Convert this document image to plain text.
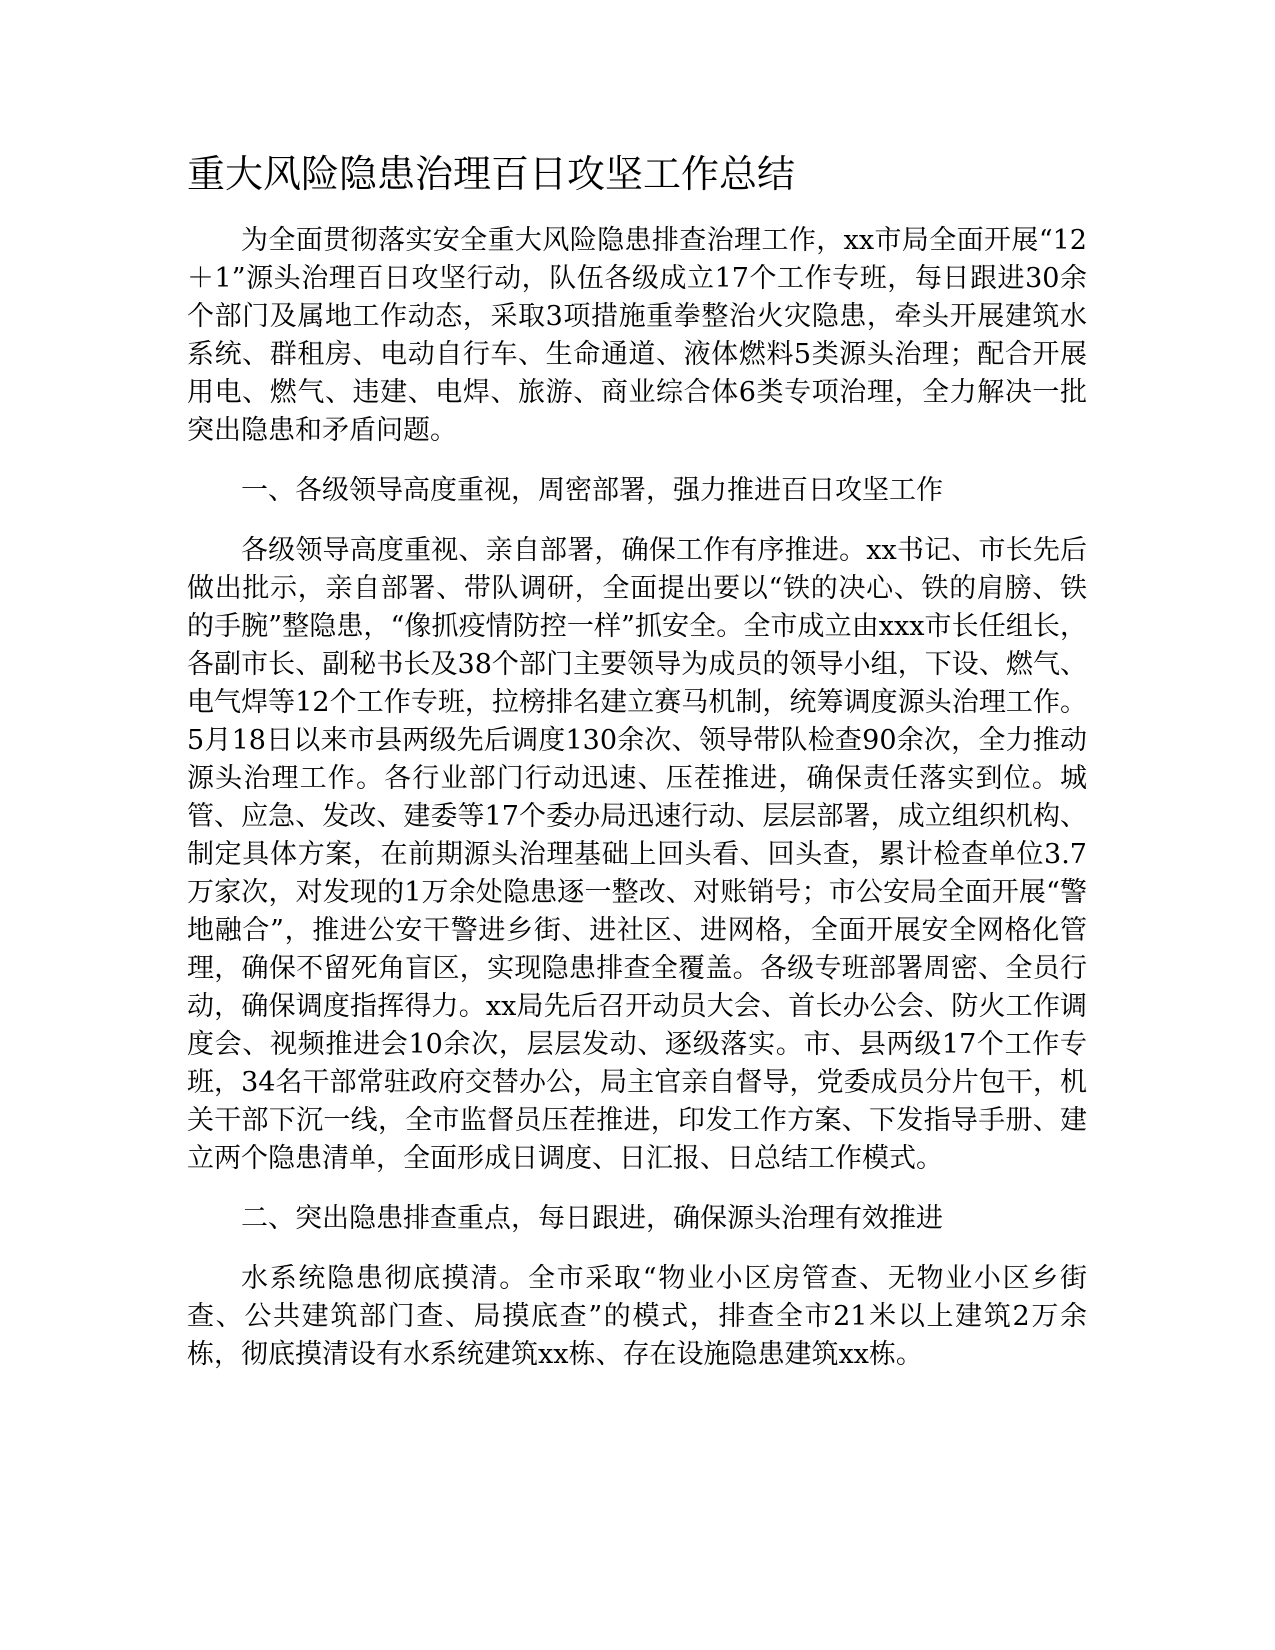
重大风险隐患治理百日攻坚工作总结

为全面贯彻落实安全重大风险隐患排查治理工作，xx市局全面开展“12＋1”源头治理百日攻坚行动，队伍各级成立17个工作专班，每日跟进30余个部门及属地工作动态，采取3项措施重拳整治火灾隐患，牵头开展建筑水系统、群租房、电动自行车、生命通道、液体燃料5类源头治理；配合开展用电、燃气、违建、电焊、旅游、商业综合体6类专项治理，全力解决一批突出隐患和矛盾问题。

一、各级领导高度重视，周密部署，强力推进百日攻坚工作

各级领导高度重视、亲自部署，确保工作有序推进。xx书记、市长先后做出批示，亲自部署、带队调研，全面提出要以“铁的决心、铁的肩膀、铁的手腕”整隐患，“像抓疫情防控一样”抓安全。全市成立由xxx市长任组长，各副市长、副秘书长及38个部门主要领导为成员的领导小组，下设、燃气、电气焊等12个工作专班，拉榜排名建立赛马机制，统筹调度源头治理工作。5月18日以来市县两级先后调度130余次、领导带队检查90余次，全力推动源头治理工作。各行业部门行动迅速、压茬推进，确保责任落实到位。城管、应急、发改、建委等17个委办局迅速行动、层层部署，成立组织机构、制定具体方案，在前期源头治理基础上回头看、回头查，累计检查单位3.7万家次，对发现的1万余处隐患逐一整改、对账销号；市公安局全面开展“警地融合”，推进公安干警进乡街、进社区、进网格，全面开展安全网格化管理，确保不留死角盲区，实现隐患排查全覆盖。各级专班部署周密、全员行动，确保调度指挥得力。xx局先后召开动员大会、首长办公会、防火工作调度会、视频推进会10余次，层层发动、逐级落实。市、县两级17个工作专班，34名干部常驻政府交替办公，局主官亲自督导，党委成员分片包干，机关干部下沉一线，全市监督员压茬推进，印发工作方案、下发指导手册、建立两个隐患清单，全面形成日调度、日汇报、日总结工作模式。

二、突出隐患排查重点，每日跟进，确保源头治理有效推进

水系统隐患彻底摸清。全市采取“物业小区房管查、无物业小区乡街查、公共建筑部门查、局摸底查”的模式，排查全市21米以上建筑2万余栋，彻底摸清设有水系统建筑xx栋、存在设施隐患建筑xx栋。
